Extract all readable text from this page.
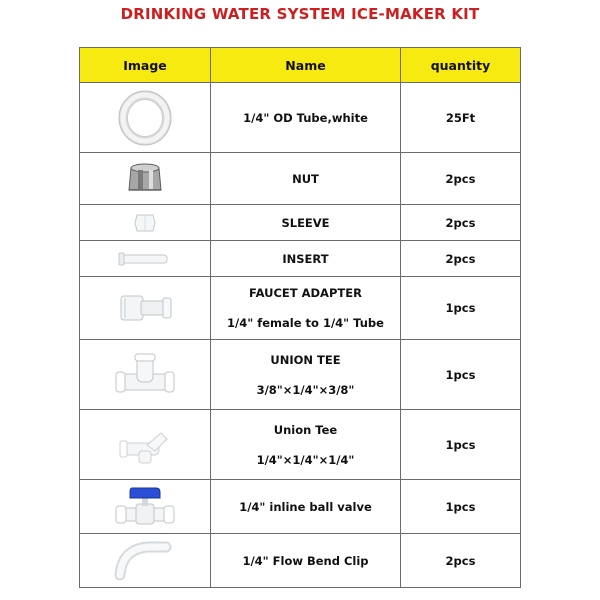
DRINKING WATER SYSTEM ICE-MAKER KIT
Image	Name	quantity

1/4" OD Tube,white	25Ft

NUT	2pcs

SLEEVE	2pcs

INSERT	2pcs

FAUCET ADAPTER
1/4" female to 1/4" Tube	1pcs

UNION TEE
3/8"×1/4"×3/8"	1pcs

Union Tee
1/4"×1/4"×1/4"	1pcs

1/4" inline ball valve	1pcs

1/4" Flow Bend Clip	2pcs
